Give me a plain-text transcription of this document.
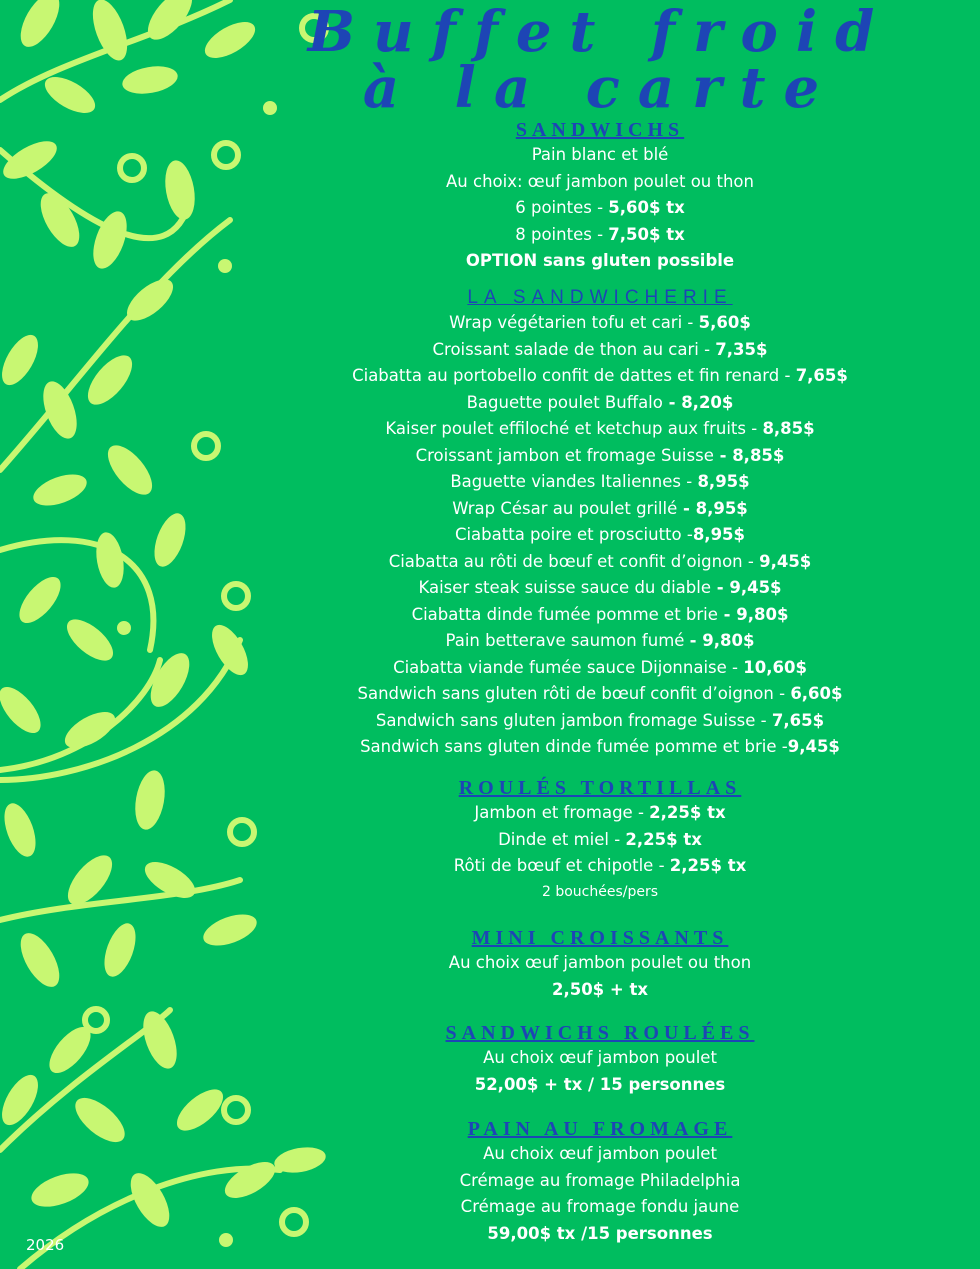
Buffet froid à la carte
2026
SANDWICHS

Pain blanc et blé

Au choix: œuf jambon poulet ou thon

6 pointes - 5,60$ tx

8 pointes - 7,50$ tx

OPTION sans gluten possible

LA SANDWICHERIE

Wrap végétarien tofu et cari - 5,60$

Croissant salade de thon au cari - 7,35$

Ciabatta au portobello confit de dattes et fin renard - 7,65$

Baguette poulet Buffalo - 8,20$

Kaiser poulet effiloché et ketchup aux fruits - 8,85$

Croissant jambon et fromage Suisse - 8,85$

Baguette viandes Italiennes - 8,95$

Wrap César au poulet grillé - 8,95$

Ciabatta poire et prosciutto -8,95$

Ciabatta au rôti de bœuf et confit d’oignon - 9,45$

Kaiser steak suisse sauce du diable - 9,45$

Ciabatta dinde fumée pomme et brie - 9,80$

Pain betterave saumon fumé - 9,80$

Ciabatta viande fumée sauce Dijonnaise - 10,60$

Sandwich sans gluten rôti de bœuf confit d’oignon - 6,60$

Sandwich sans gluten jambon fromage Suisse - 7,65$

Sandwich sans gluten dinde fumée pomme et brie -9,45$

ROULÉS TORTILLAS

Jambon et fromage - 2,25$ tx

Dinde et miel - 2,25$ tx

Rôti de bœuf et chipotle - 2,25$ tx

2 bouchées/pers

MINI CROISSANTS

Au choix œuf jambon poulet ou thon

2,50$ + tx

SANDWICHS ROULÉES

Au choix œuf jambon poulet

52,00$ + tx / 15 personnes

PAIN AU FROMAGE

Au choix œuf jambon poulet

Crémage au fromage Philadelphia

Crémage au fromage fondu jaune

59,00$ tx /15 personnes
